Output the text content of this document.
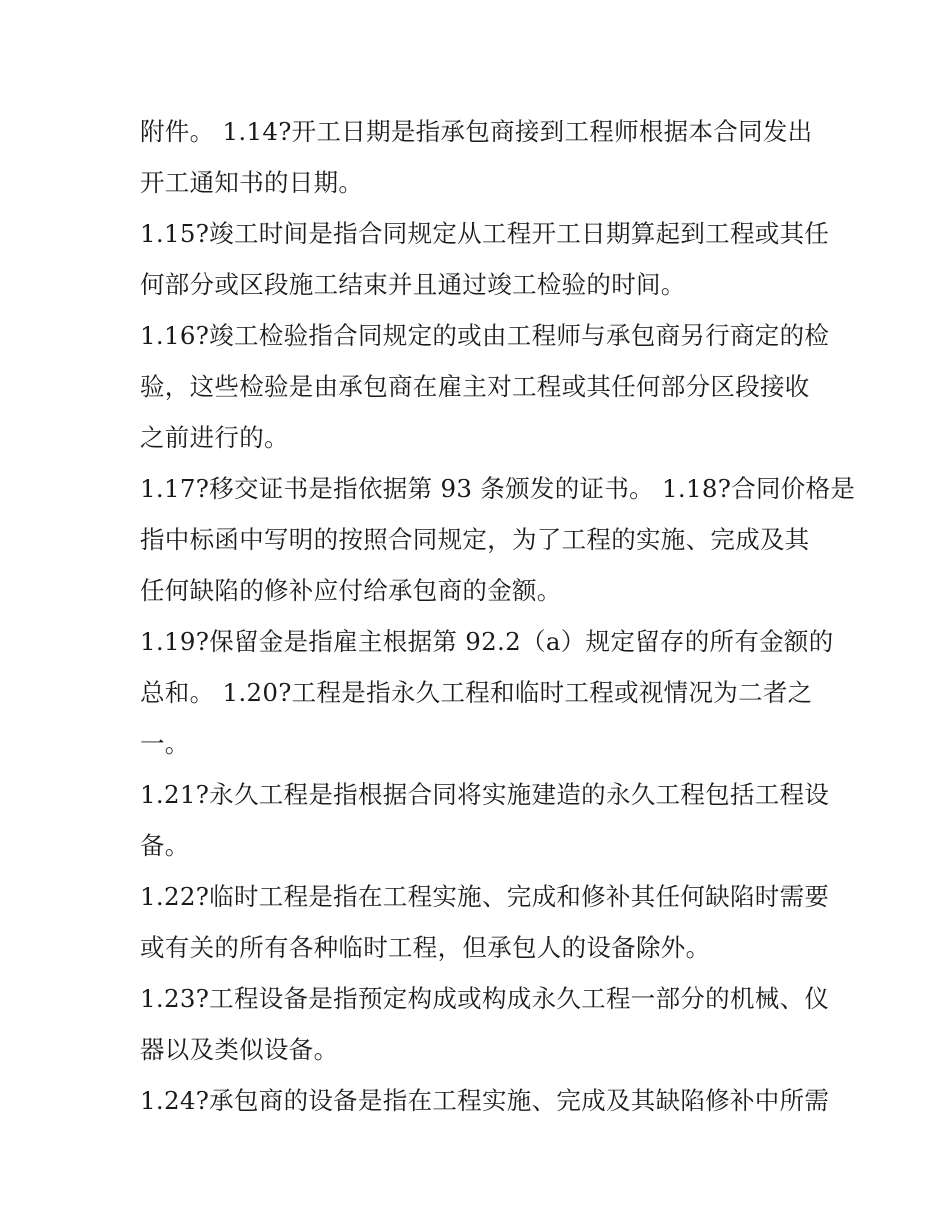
附件。 1.14?开工日期是指承包商接到工程师根据本合同发出
开工通知书的日期。
1.15?竣工时间是指合同规定从工程开工日期算起到工程或其任
何部分或区段施工结束并且通过竣工检验的时间。
1.16?竣工检验指合同规定的或由工程师与承包商另行商定的检
验，这些检验是由承包商在雇主对工程或其任何部分区段接收
之前进行的。
1.17?移交证书是指依据第 93 条颁发的证书。 1.18?合同价格是
指中标函中写明的按照合同规定，为了工程的实施、完成及其
任何缺陷的修补应付给承包商的金额。
1.19?保留金是指雇主根据第 92.2（a）规定留存的所有金额的
总和。 1.20?工程是指永久工程和临时工程或视情况为二者之
一。
1.21?永久工程是指根据合同将实施建造的永久工程包括工程设
备。
1.22?临时工程是指在工程实施、完成和修补其任何缺陷时需要
或有关的所有各种临时工程，但承包人的设备除外。
1.23?工程设备是指预定构成或构成永久工程一部分的机械、仪
器以及类似设备。
1.24?承包商的设备是指在工程实施、完成及其缺陷修补中所需
